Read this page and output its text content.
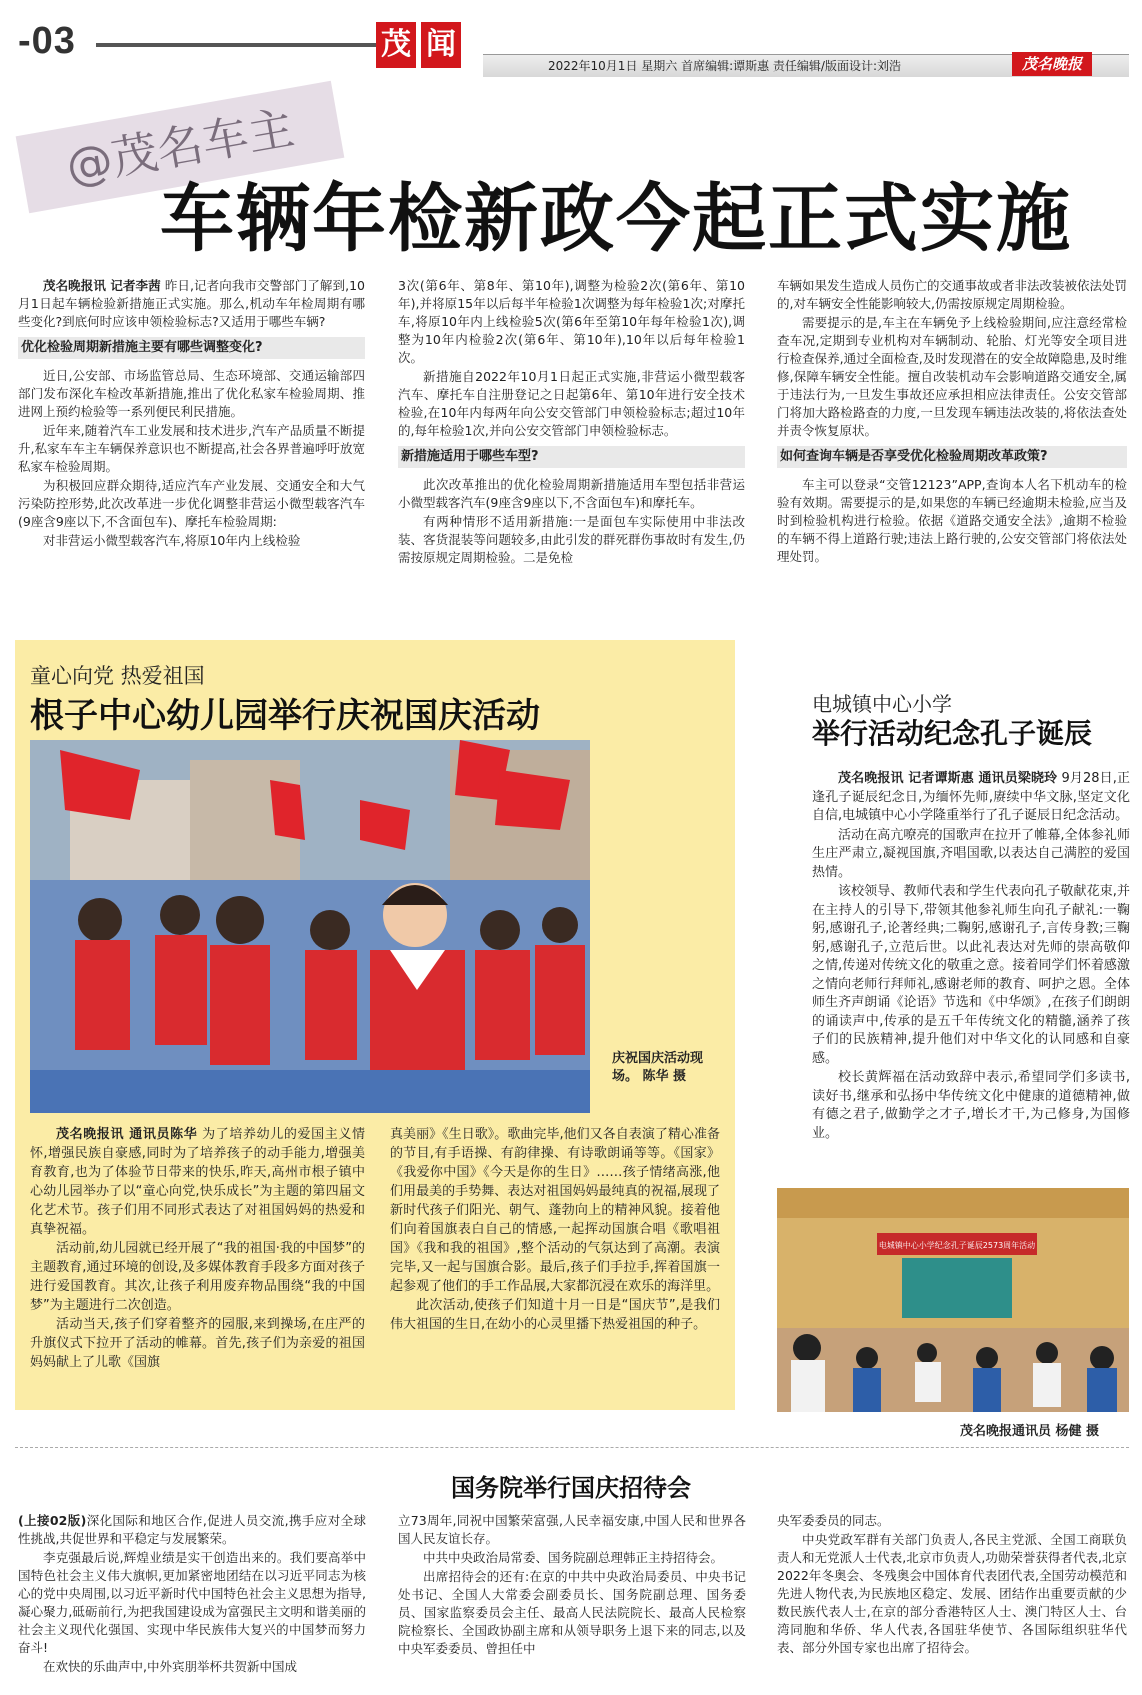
-03	茂 闻
2022年10月1日 星期六 首席编辑:谭斯惠 责任编辑/版面设计:刘浩	茂名晚报
@茂名车主
车辆年检新政今起正式实施

茂名晚报讯 记者李茜 昨日,记者向我市交警部门了解到,10月1日起车辆检验新措施正式实施。那么,机动车年检周期有哪些变化?到底何时应该申领检验标志?又适用于哪些车辆?

优化检验周期新措施主要有哪些调整变化?

近日,公安部、市场监管总局、生态环境部、交通运输部四部门发布深化车检改革新措施,推出了优化私家车检验周期、推进网上预约检验等一系列便民利民措施。

近年来,随着汽车工业发展和技术进步,汽车产品质量不断提升,私家车车主车辆保养意识也不断提高,社会各界普遍呼吁放宽私家车检验周期。

为积极回应群众期待,适应汽车产业发展、交通安全和大气污染防控形势,此次改革进一步优化调整非营运小微型载客汽车(9座含9座以下,不含面包车)、摩托车检验周期:

对非营运小微型载客汽车,将原10年内上线检验

3次(第6年、第8年、第10年),调整为检验2次(第6年、第10年),并将原15年以后每半年检验1次调整为每年检验1次;对摩托车,将原10年内上线检验5次(第6年至第10年每年检验1次),调整为10年内检验2次(第6年、第10年),10年以后每年检验1次。

新措施自2022年10月1日起正式实施,非营运小微型载客汽车、摩托车自注册登记之日起第6年、第10年进行安全技术检验,在10年内每两年向公安交管部门申领检验标志;超过10年的,每年检验1次,并向公安交管部门申领检验标志。

新措施适用于哪些车型?

此次改革推出的优化检验周期新措施适用车型包括非营运小微型载客汽车(9座含9座以下,不含面包车)和摩托车。

有两种情形不适用新措施:一是面包车实际使用中非法改装、客货混装等问题较多,由此引发的群死群伤事故时有发生,仍需按原规定周期检验。二是免检

车辆如果发生造成人员伤亡的交通事故或者非法改装被依法处罚的,对车辆安全性能影响较大,仍需按原规定周期检验。

需要提示的是,车主在车辆免予上线检验期间,应注意经常检查车况,定期到专业机构对车辆制动、轮胎、灯光等安全项目进行检查保养,通过全面检查,及时发现潜在的安全故障隐患,及时维修,保障车辆安全性能。擅自改装机动车会影响道路交通安全,属于违法行为,一旦发生事故还应承担相应法律责任。公安交管部门将加大路检路查的力度,一旦发现车辆违法改装的,将依法查处并责令恢复原状。

如何查询车辆是否享受优化检验周期改革政策?

车主可以登录“交管12123”APP,查询本人名下机动车的检验有效期。需要提示的是,如果您的车辆已经逾期未检验,应当及时到检验机构进行检验。依据《道路交通安全法》,逾期不检验的车辆不得上道路行驶;违法上路行驶的,公安交管部门将依法处理处罚。

童心向党 热爱祖国
根子中心幼儿园举行庆祝国庆活动
庆祝国庆活动现场。 陈华 摄

茂名晚报讯 通讯员陈华 为了培养幼儿的爱国主义情怀,增强民族自豪感,同时为了培养孩子的动手能力,增强美育教育,也为了体验节日带来的快乐,昨天,高州市根子镇中心幼儿园举办了以“童心向党,快乐成长”为主题的第四届文化艺术节。孩子们用不同形式表达了对祖国妈妈的热爱和真挚祝福。

活动前,幼儿园就已经开展了“我的祖国·我的中国梦”的主题教育,通过环境的创设,及多媒体教育手段多方面对孩子进行爱国教育。其次,让孩子利用废弃物品围绕“我的中国梦”为主题进行二次创造。

活动当天,孩子们穿着整齐的园服,来到操场,在庄严的升旗仪式下拉开了活动的帷幕。首先,孩子们为亲爱的祖国妈妈献上了儿歌《国旗

真美丽》《生日歌》。歌曲完毕,他们又各自表演了精心准备的节目,有手语操、有韵律操、有诗歌朗诵等等。《国家》《我爱你中国》《今天是你的生日》……孩子情绪高涨,他们用最美的手势舞、表达对祖国妈妈最纯真的祝福,展现了新时代孩子们阳光、朝气、蓬勃向上的精神风貌。接着他们向着国旗表白自己的情感,一起挥动国旗合唱《歌唱祖国》《我和我的祖国》,整个活动的气氛达到了高潮。表演完毕,又一起与国旗合影。最后,孩子们手拉手,挥着国旗一起参观了他们的手工作品展,大家都沉浸在欢乐的海洋里。

此次活动,使孩子们知道十月一日是“国庆节”,是我们伟大祖国的生日,在幼小的心灵里播下热爱祖国的种子。

电城镇中心小学
举行活动纪念孔子诞辰

茂名晚报讯 记者谭斯惠 通讯员梁晓玲 9月28日,正逢孔子诞辰纪念日,为缅怀先师,赓续中华文脉,坚定文化自信,电城镇中心小学隆重举行了孔子诞辰日纪念活动。

活动在高亢嘹亮的国歌声在拉开了帷幕,全体参礼师生庄严肃立,凝视国旗,齐唱国歌,以表达自己满腔的爱国热情。

该校领导、教师代表和学生代表向孔子敬献花束,并在主持人的引导下,带领其他参礼师生向孔子献礼:一鞠躬,感谢孔子,论著经典;二鞠躬,感谢孔子,言传身教;三鞠躬,感谢孔子,立范后世。以此礼表达对先师的崇高敬仰之情,传递对传统文化的敬重之意。接着同学们怀着感激之情向老师行拜师礼,感谢老师的教育、呵护之恩。全体师生齐声朗诵《论语》节选和《中华颂》,在孩子们朗朗的诵读声中,传承的是五千年传统文化的精髓,涵养了孩子们的民族精神,提升他们对中华文化的认同感和自豪感。

校长黄辉福在活动致辞中表示,希望同学们多读书,读好书,继承和弘扬中华传统文化中健康的道德精神,做有德之君子,做勤学之才子,增长才干,为己修身,为国修业。

电城镇中心小学纪念孔子诞辰2573周年活动
茂名晚报通讯员 杨健 摄
国务院举行国庆招待会

(上接02版)深化国际和地区合作,促进人员交流,携手应对全球性挑战,共促世界和平稳定与发展繁荣。

李克强最后说,辉煌业绩是实干创造出来的。我们要高举中国特色社会主义伟大旗帜,更加紧密地团结在以习近平同志为核心的党中央周围,以习近平新时代中国特色社会主义思想为指导,凝心聚力,砥砺前行,为把我国建设成为富强民主文明和谐美丽的社会主义现代化强国、实现中华民族伟大复兴的中国梦而努力奋斗!

在欢快的乐曲声中,中外宾朋举杯共贺新中国成

立73周年,同祝中国繁荣富强,人民幸福安康,中国人民和世界各国人民友谊长存。

中共中央政治局常委、国务院副总理韩正主持招待会。

出席招待会的还有:在京的中共中央政治局委员、中央书记处书记、全国人大常委会副委员长、国务院副总理、国务委员、国家监察委员会主任、最高人民法院院长、最高人民检察院检察长、全国政协副主席和从领导职务上退下来的同志,以及中央军委委员、曾担任中

央军委委员的同志。

中央党政军群有关部门负责人,各民主党派、全国工商联负责人和无党派人士代表,北京市负责人,功勋荣誉获得者代表,北京2022年冬奥会、冬残奥会中国体育代表团代表,全国劳动模范和先进人物代表,为民族地区稳定、发展、团结作出重要贡献的少数民族代表人士,在京的部分香港特区人士、澳门特区人士、台湾同胞和华侨、华人代表,各国驻华使节、各国际组织驻华代表、部分外国专家也出席了招待会。
